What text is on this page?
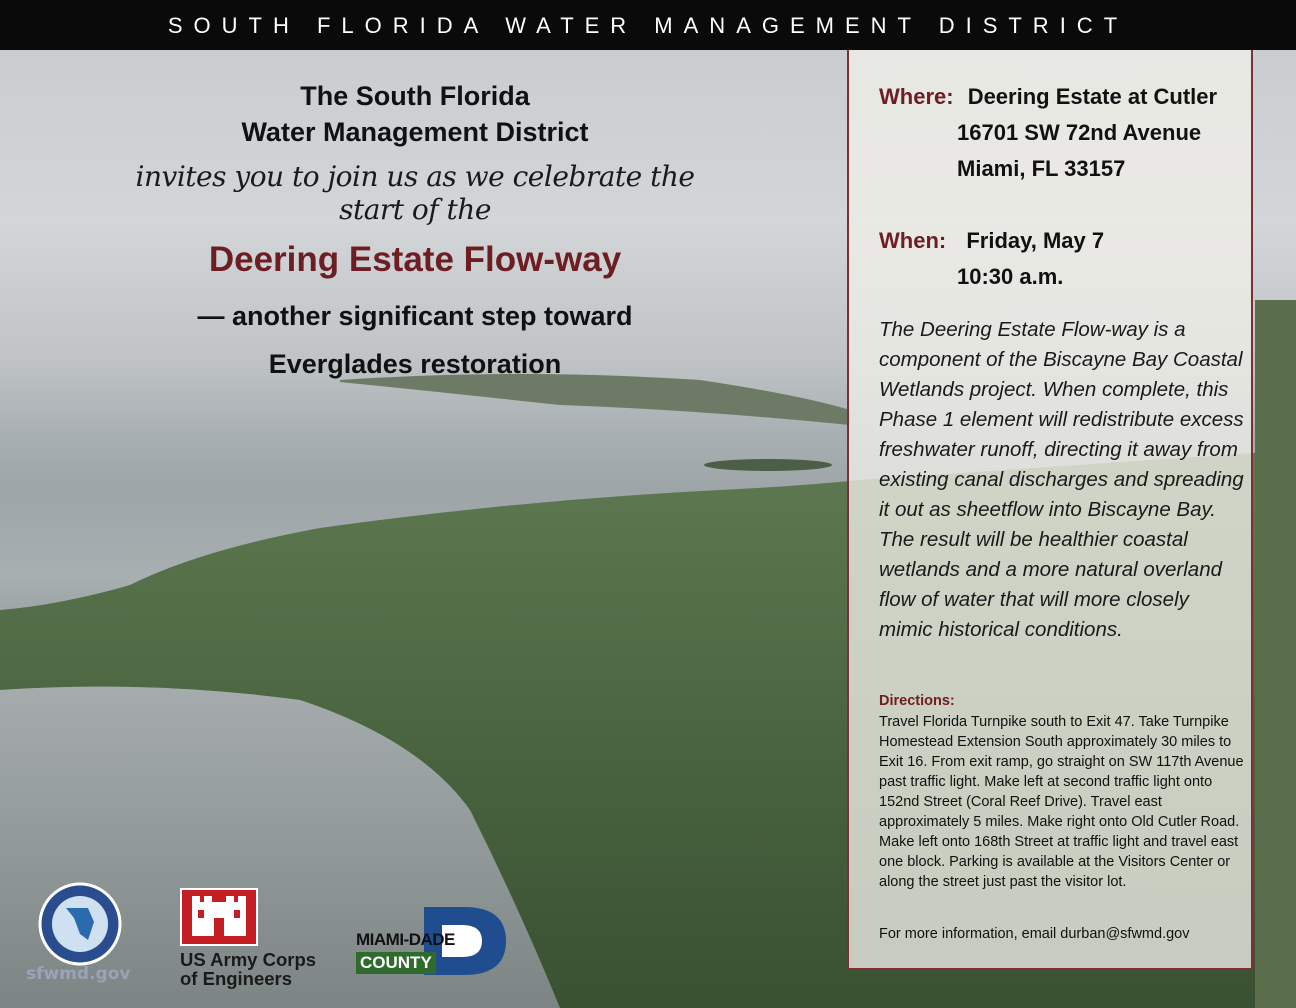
SOUTH FLORIDA WATER MANAGEMENT DISTRICT
The South Florida
Water Management District
invites you to join us as we celebrate the start of the
Deering Estate Flow-way
— another significant step toward
Everglades restoration
Where: Deering Estate at Cutler
16701 SW 72nd Avenue
Miami, FL 33157
When: Friday, May 7
10:30 a.m.
The Deering Estate Flow-way is a component of the Biscayne Bay Coastal Wetlands project. When complete, this Phase 1 element will redistribute excess freshwater runoff, directing it away from existing canal discharges and spreading it out as sheetflow into Biscayne Bay. The result will be healthier coastal wetlands and a more natural overland flow of water that will more closely mimic historical conditions.
Directions:
Travel Florida Turnpike south to Exit 47. Take Turnpike Homestead Extension South approximately 30 miles to Exit 16. From exit ramp, go straight on SW 117th Avenue past traffic light. Make left at second traffic light onto 152nd Street (Coral Reef Drive). Travel east approximately 5 miles. Make right onto Old Cutler Road. Make left onto 168th Street at traffic light and travel east one block. Parking is available at the Visitors Center or along the street just past the visitor lot.
For more information, email durban@sfwmd.gov
sfwmd.gov
US Army Corps
of Engineers
MIAMI-DADE
COUNTY
